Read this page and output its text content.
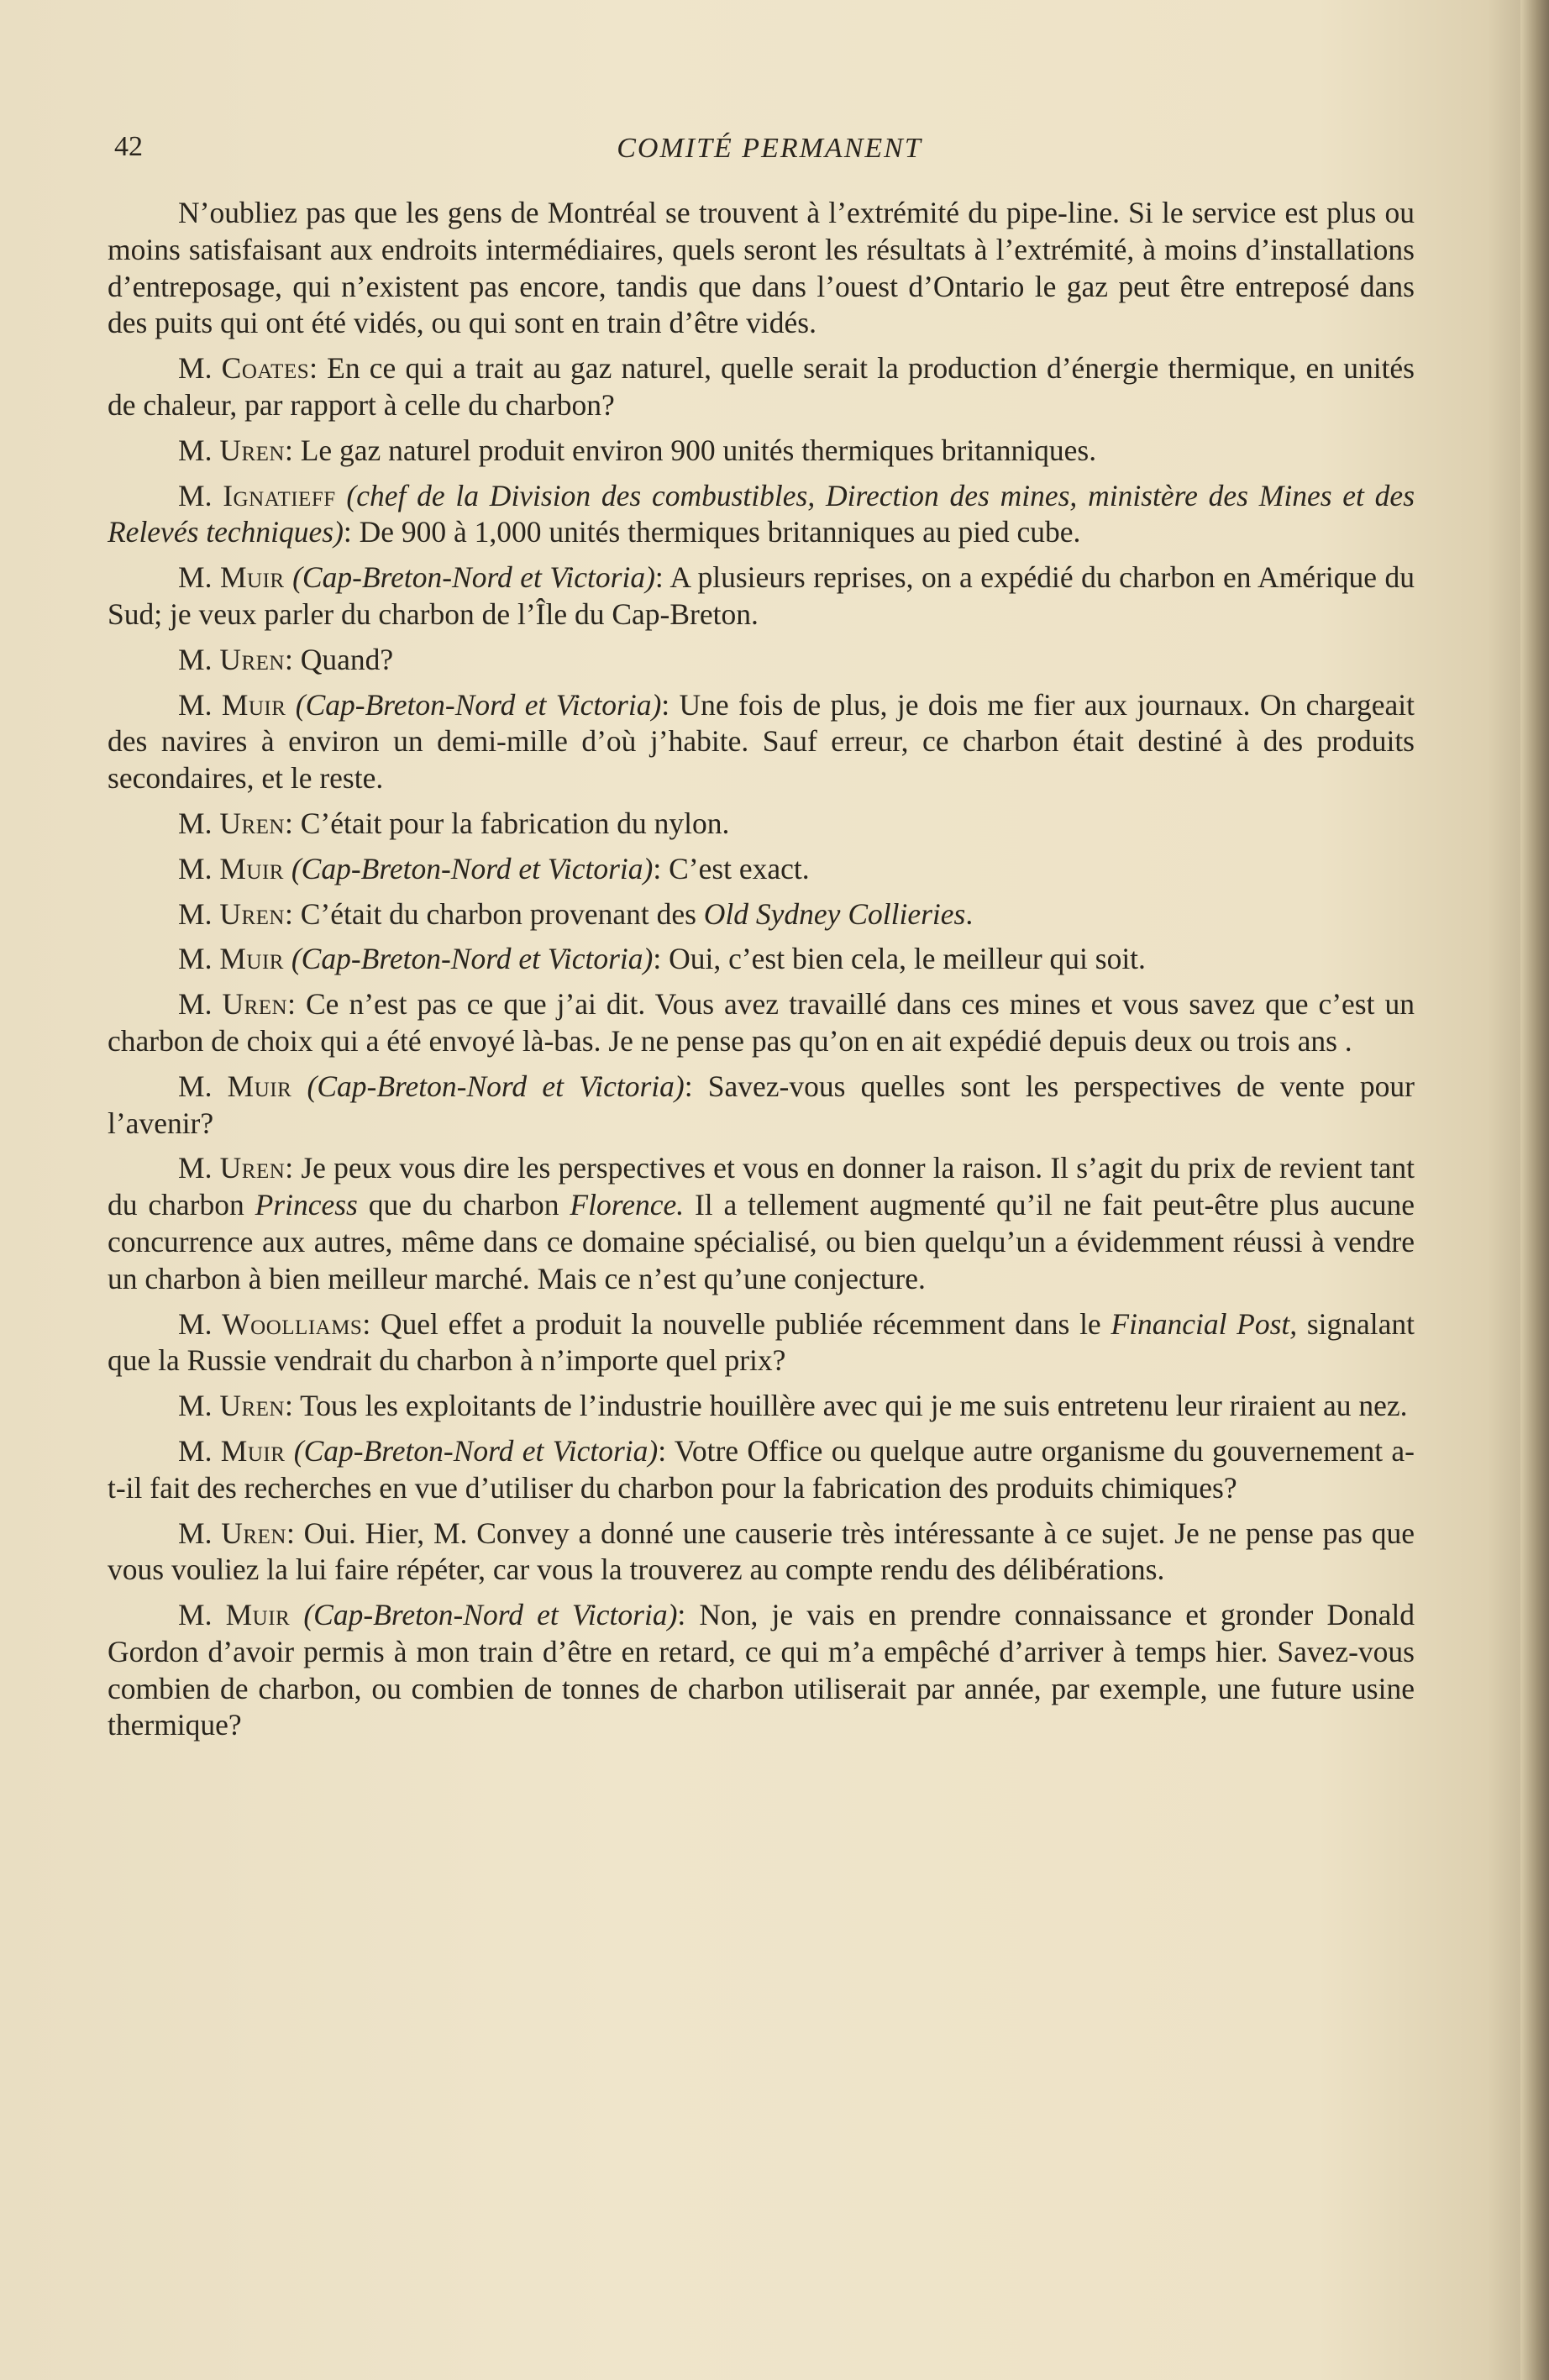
42	COMITÉ PERMANENT

N’oubliez pas que les gens de Montréal se trouvent à l’extrémité du pipe-line. Si le service est plus ou moins satisfaisant aux endroits intermédiaires, quels seront les résultats à l’extrémité, à moins d’installations d’entreposage, qui n’existent pas encore, tandis que dans l’ouest d’Ontario le gaz peut être entreposé dans des puits qui ont été vidés, ou qui sont en train d’être vidés.

M. Coates: En ce qui a trait au gaz naturel, quelle serait la production d’énergie thermique, en unités de chaleur, par rapport à celle du charbon?

M. Uren: Le gaz naturel produit environ 900 unités thermiques britanniques.

M. Ignatieff (chef de la Division des combustibles, Direction des mines, ministère des Mines et des Relevés techniques): De 900 à 1,000 unités thermiques britanniques au pied cube.

M. Muir (Cap-Breton-Nord et Victoria): A plusieurs reprises, on a expédié du charbon en Amérique du Sud; je veux parler du charbon de l’Île du Cap-Breton.

M. Uren: Quand?

M. Muir (Cap-Breton-Nord et Victoria): Une fois de plus, je dois me fier aux journaux. On chargeait des navires à environ un demi-mille d’où j’habite. Sauf erreur, ce charbon était destiné à des produits secondaires, et le reste.

M. Uren: C’était pour la fabrication du nylon.

M. Muir (Cap-Breton-Nord et Victoria): C’est exact.

M. Uren: C’était du charbon provenant des Old Sydney Collieries.

M. Muir (Cap-Breton-Nord et Victoria): Oui, c’est bien cela, le meilleur qui soit.

M. Uren: Ce n’est pas ce que j’ai dit. Vous avez travaillé dans ces mines et vous savez que c’est un charbon de choix qui a été envoyé là-bas. Je ne pense pas qu’on en ait expédié depuis deux ou trois ans .

M. Muir (Cap-Breton-Nord et Victoria): Savez-vous quelles sont les perspectives de vente pour l’avenir?

M. Uren: Je peux vous dire les perspectives et vous en donner la raison. Il s’agit du prix de revient tant du charbon Princess que du charbon Florence. Il a tellement augmenté qu’il ne fait peut-être plus aucune concurrence aux autres, même dans ce domaine spécialisé, ou bien quelqu’un a évidemment réussi à vendre un charbon à bien meilleur marché. Mais ce n’est qu’une conjecture.

M. Woolliams: Quel effet a produit la nouvelle publiée récemment dans le Financial Post, signalant que la Russie vendrait du charbon à n’importe quel prix?

M. Uren: Tous les exploitants de l’industrie houillère avec qui je me suis entretenu leur riraient au nez.

M. Muir (Cap-Breton-Nord et Victoria): Votre Office ou quelque autre organisme du gouvernement a-t-il fait des recherches en vue d’utiliser du charbon pour la fabrication des produits chimiques?

M. Uren: Oui. Hier, M. Convey a donné une causerie très intéressante à ce sujet. Je ne pense pas que vous vouliez la lui faire répéter, car vous la trouverez au compte rendu des délibérations.

M. Muir (Cap-Breton-Nord et Victoria): Non, je vais en prendre connaissance et gronder Donald Gordon d’avoir permis à mon train d’être en retard, ce qui m’a empêché d’arriver à temps hier. Savez-vous combien de charbon, ou combien de tonnes de charbon utiliserait par année, par exemple, une future usine thermique?
